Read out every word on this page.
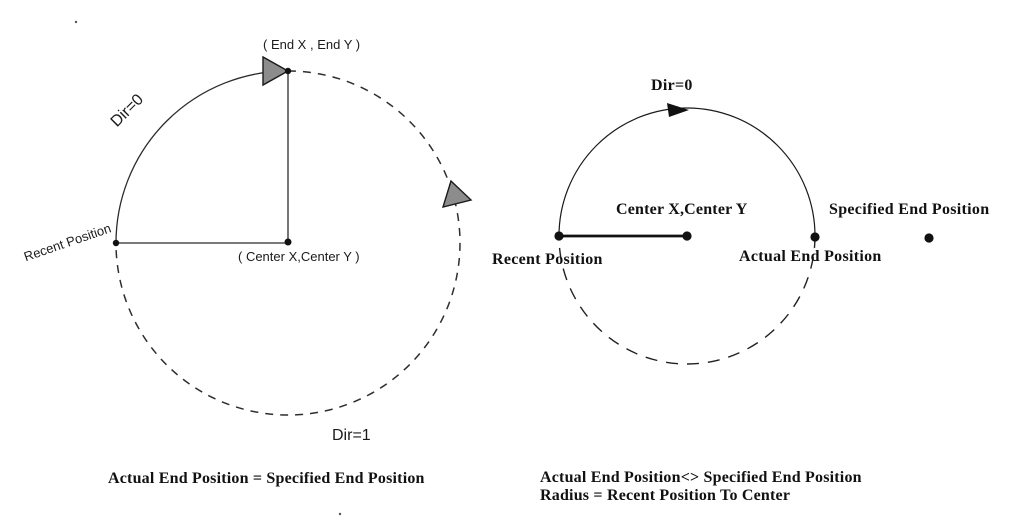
( End X , End Y )
Dir=0
Recent Position	( Center X,Center Y )
Dir=1
Actual End Position = Specified End Position
Dir=0
Center X,Center Y	Specified End Position
Actual End Position
Recent Position
Actual End Position<> Specified End Position
Radius = Recent Position To Center
